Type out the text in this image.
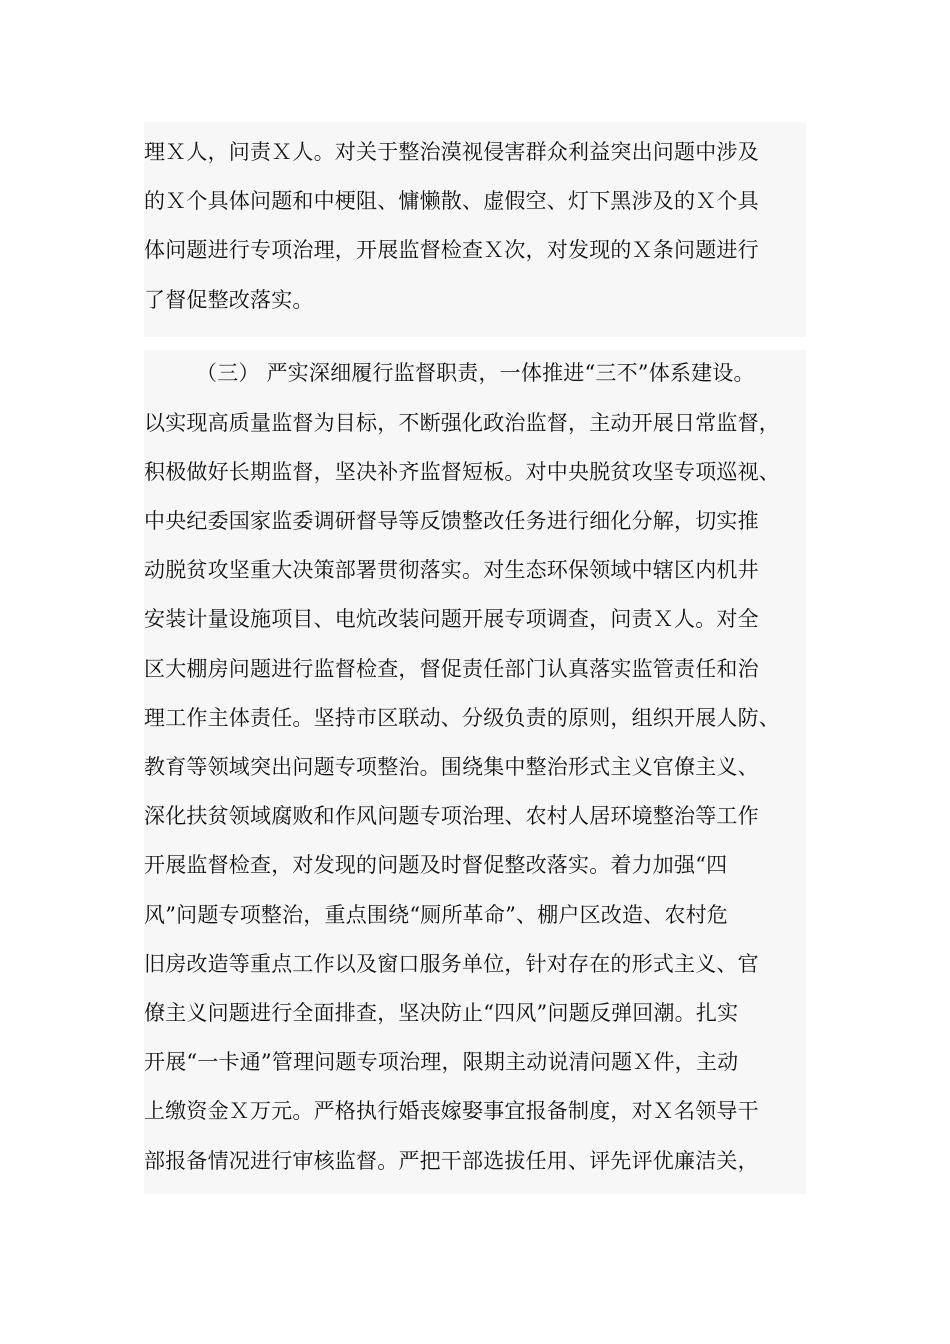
理Ｘ人，问责Ｘ人。对关于整治漠视侵害群众利益突出问题中涉及
的Ｘ个具体问题和中梗阻、慵懒散、虚假空、灯下黑涉及的Ｘ个具
体问题进行专项治理，开展监督检查Ｘ次，对发现的Ｘ条问题进行
了督促整改落实。
（三） 严实深细履行监督职责，一体推进“三不”体系建设。
以实现高质量监督为目标，不断强化政治监督，主动开展日常监督，
积极做好长期监督，坚决补齐监督短板。对中央脱贫攻坚专项巡视、
中央纪委国家监委调研督导等反馈整改任务进行细化分解，切实推
动脱贫攻坚重大决策部署贯彻落实。对生态环保领域中辖区内机井
安装计量设施项目、电炕改装问题开展专项调查，问责Ｘ人。对全
区大棚房问题进行监督检查，督促责任部门认真落实监管责任和治
理工作主体责任。坚持市区联动、分级负责的原则，组织开展人防、
教育等领域突出问题专项整治。围绕集中整治形式主义官僚主义、
深化扶贫领域腐败和作风问题专项治理、农村人居环境整治等工作
开展监督检查，对发现的问题及时督促整改落实。着力加强“四
风”问题专项整治，重点围绕“厕所革命”、棚户区改造、农村危
旧房改造等重点工作以及窗口服务单位，针对存在的形式主义、官
僚主义问题进行全面排查，坚决防止“四风”问题反弹回潮。扎实
开展“一卡通”管理问题专项治理，限期主动说清问题Ｘ件，主动
上缴资金Ｘ万元。严格执行婚丧嫁娶事宜报备制度，对Ｘ名领导干
部报备情况进行审核监督。严把干部选拔任用、评先评优廉洁关，
